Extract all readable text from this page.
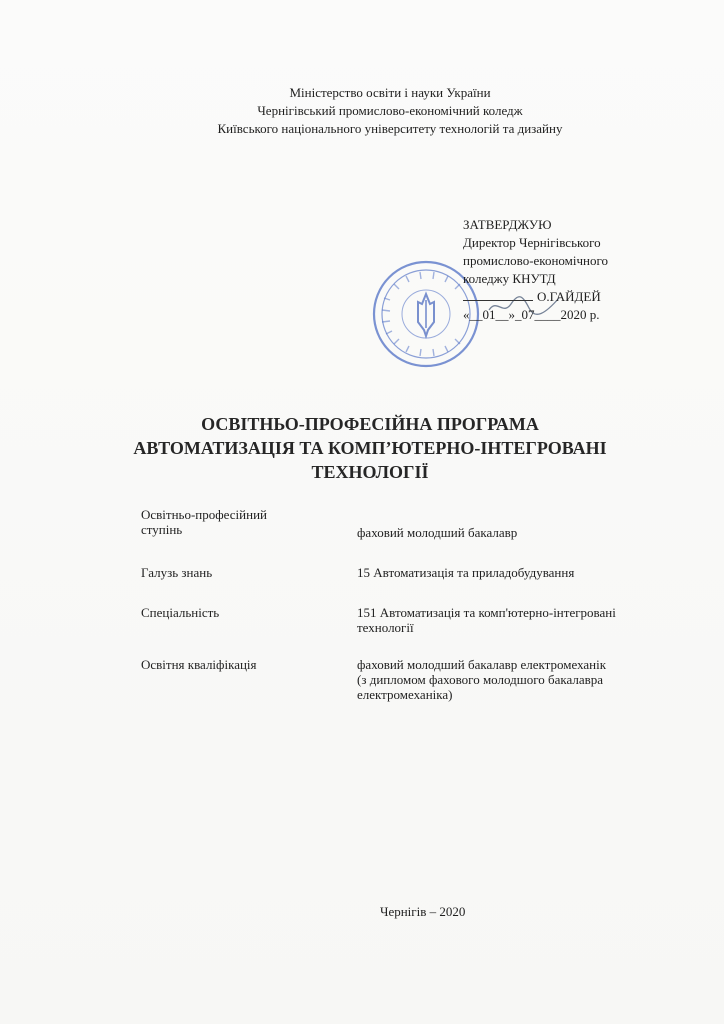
Міністерство освіти і науки України
Чернігівський промислово-економічний коледж
Київського національного університету технологій та дизайну
ЗАТВЕРДЖУЮ
Директор Чернігівського
промислово-економічного
коледжу КНУТД
О.ГАЙДЕЙ
«__01__»_07____2020 р.
ОСВІТНЬО-ПРОФЕСІЙНА ПРОГРАМА
АВТОМАТИЗАЦІЯ ТА КОМП’ЮТЕРНО-ІНТЕГРОВАНІ
ТЕХНОЛОГІЇ
Освітньо-професійний
ступінь	фаховий молодший бакалавр
Галузь знань	15 Автоматизація та приладобудування
Спеціальність	151 Автоматизація та комп'ютерно-інтегровані
технології
Освітня кваліфікація	фаховий молодший бакалавр електромеханік
(з дипломом фахового молодшого бакалавра
електромеханіка)
Чернігів – 2020
